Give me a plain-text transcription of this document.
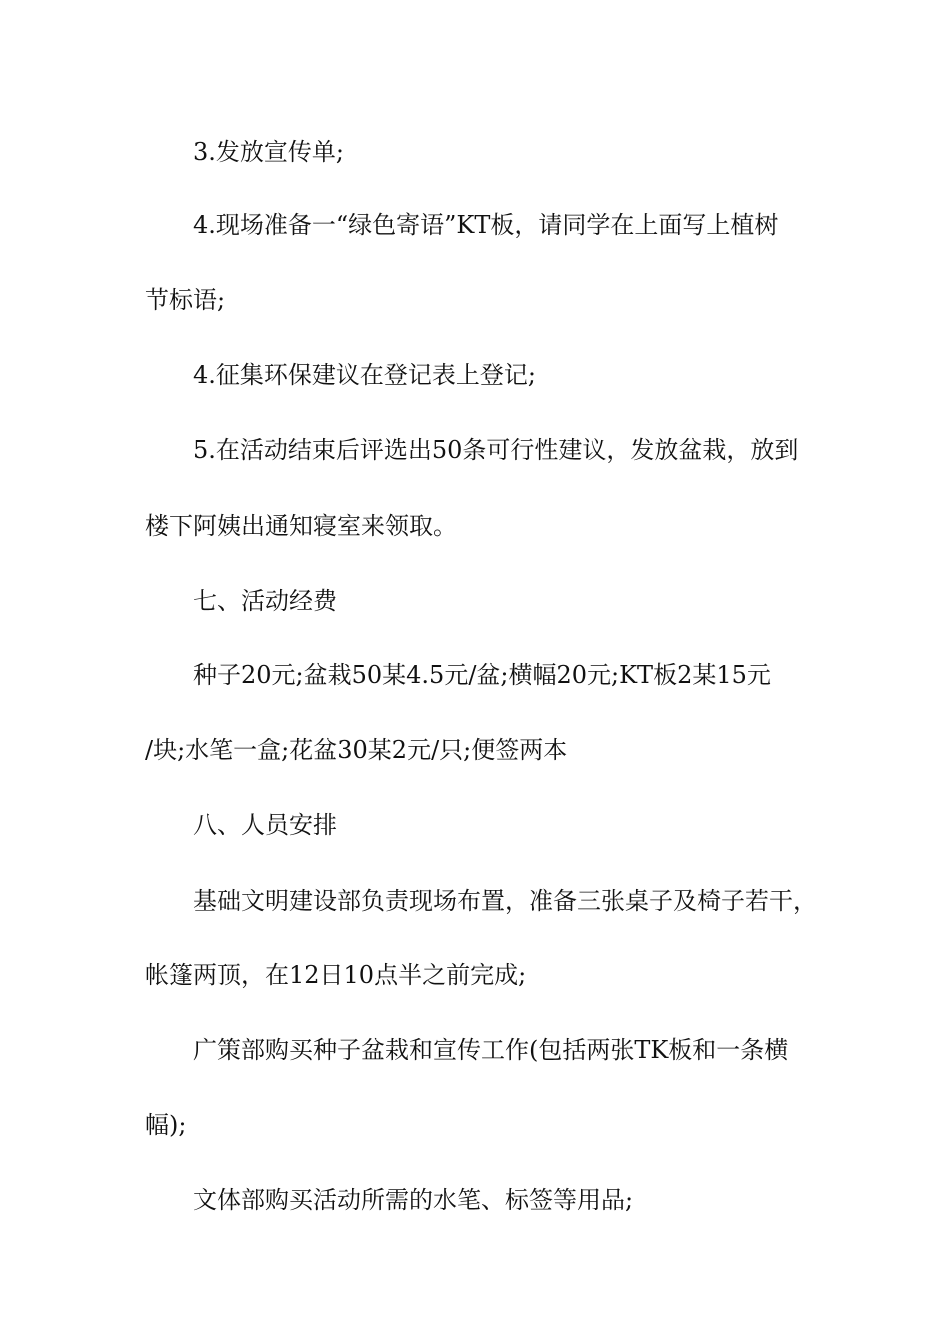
3.发放宣传单;
4.现场准备一“绿色寄语”KT板，请同学在上面写上植树
节标语;
4.征集环保建议在登记表上登记;
5.在活动结束后评选出50条可行性建议，发放盆栽，放到
楼下阿姨出通知寝室来领取。
七、活动经费
种子20元;盆栽50某4.5元/盆;横幅20元;KT板2某15元
/块;水笔一盒;花盆30某2元/只;便签两本
八、人员安排
基础文明建设部负责现场布置，准备三张桌子及椅子若干，
帐篷两顶，在12日10点半之前完成;
广策部购买种子盆栽和宣传工作(包括两张TK板和一条横
幅);
文体部购买活动所需的水笔、标签等用品;
